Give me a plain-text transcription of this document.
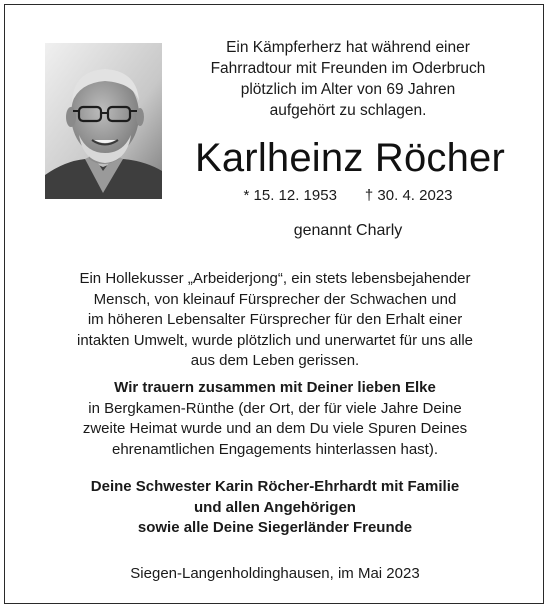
Ein Kämpferherz hat während einer
Fahrradtour mit Freunden im Oderbruch
plötzlich im Alter von 69 Jahren
aufgehört zu schlagen.
Karlheinz Röcher
* 15. 12. 1953 † 30. 4. 2023
genannt Charly
Ein Hollekusser „Arbeiderjong“, ein stets lebensbejahender
Mensch, von kleinauf Fürsprecher der Schwachen und
im höheren Lebensalter Fürsprecher für den Erhalt einer
intakten Umwelt, wurde plötzlich und unerwartet für uns alle
aus dem Leben gerissen.
Wir trauern zusammen mit Deiner lieben Elke
in Bergkamen-Rünthe (der Ort, der für viele Jahre Deine
zweite Heimat wurde und an dem Du viele Spuren Deines
ehrenamtlichen Engagements hinterlassen hast).
Deine Schwester Karin Röcher-Ehrhardt mit Familie
und allen Angehörigen
sowie alle Deine Siegerländer Freunde
Siegen-Langenholdinghausen, im Mai 2023
